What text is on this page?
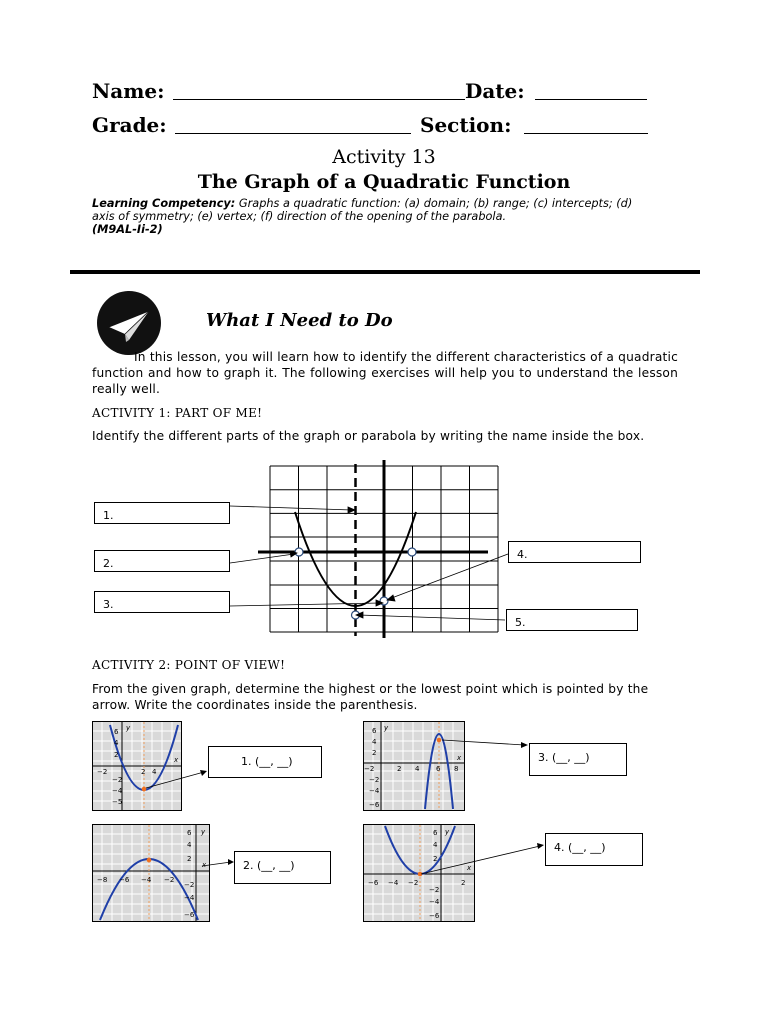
Name:	Date:
Grade:	Section:
Activity 13
The Graph of a Quadratic Function
Learning Competency: Graphs a quadratic function: (a) domain; (b) range; (c) intercepts; (d) axis of symmetry; (e) vertex; (f) direction of the opening of the parabola.
(M9AL-Ii-2)
What I Need to Do
In this lesson, you will learn how to identify the different characteristics of a quadratic function and how to graph it. The following exercises will help you to understand the lesson really well.
ACTIVITY 1: PART OF ME!
Identify the different parts of the graph or parabola by writing the name inside the box.
1.
2.
3.
4.
5.
ACTIVITY 2: POINT OF VIEW!
From the given graph, determine the highest or the lowest point which is pointed by the arrow. Write the coordinates inside the parenthesis.
y
x
6
4
2
−2	2 4
−2
−4
−5
1. (__, __)
y
x
6
4
2
−2	2 4 6 8
−2
−4
−6
3. (__, __)
y
x
6
4
2
−8 −6 −4 −2
−2
−4
−6
2. (__, __)
y
x
6
4
2
−6 −4 −2	2
−2
−4
−6
4. (__, __)
